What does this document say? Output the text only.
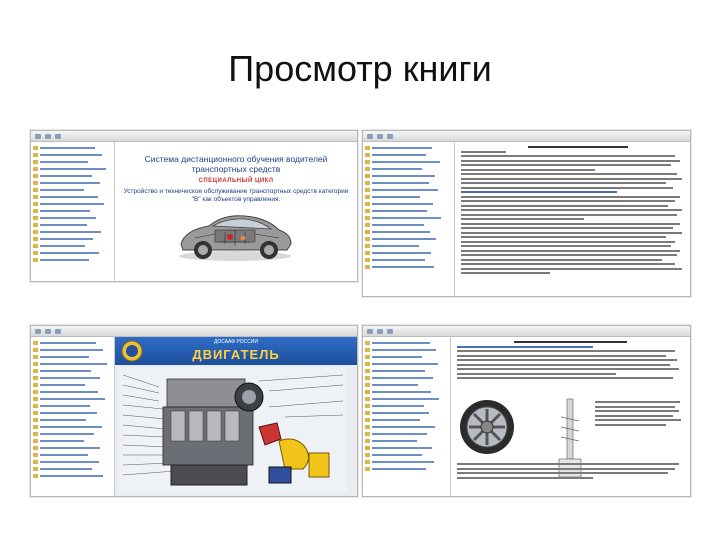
Просмотр книги
Система дистанционного обучения водителей транспортных средств
СПЕЦИАЛЬНЫЙ ЦИКЛ
Устройство и техническое обслуживание транспортных средств категории "B" как объектов управления.
ДОСААФ РОССИИ
ДВИГАТЕЛЬ
